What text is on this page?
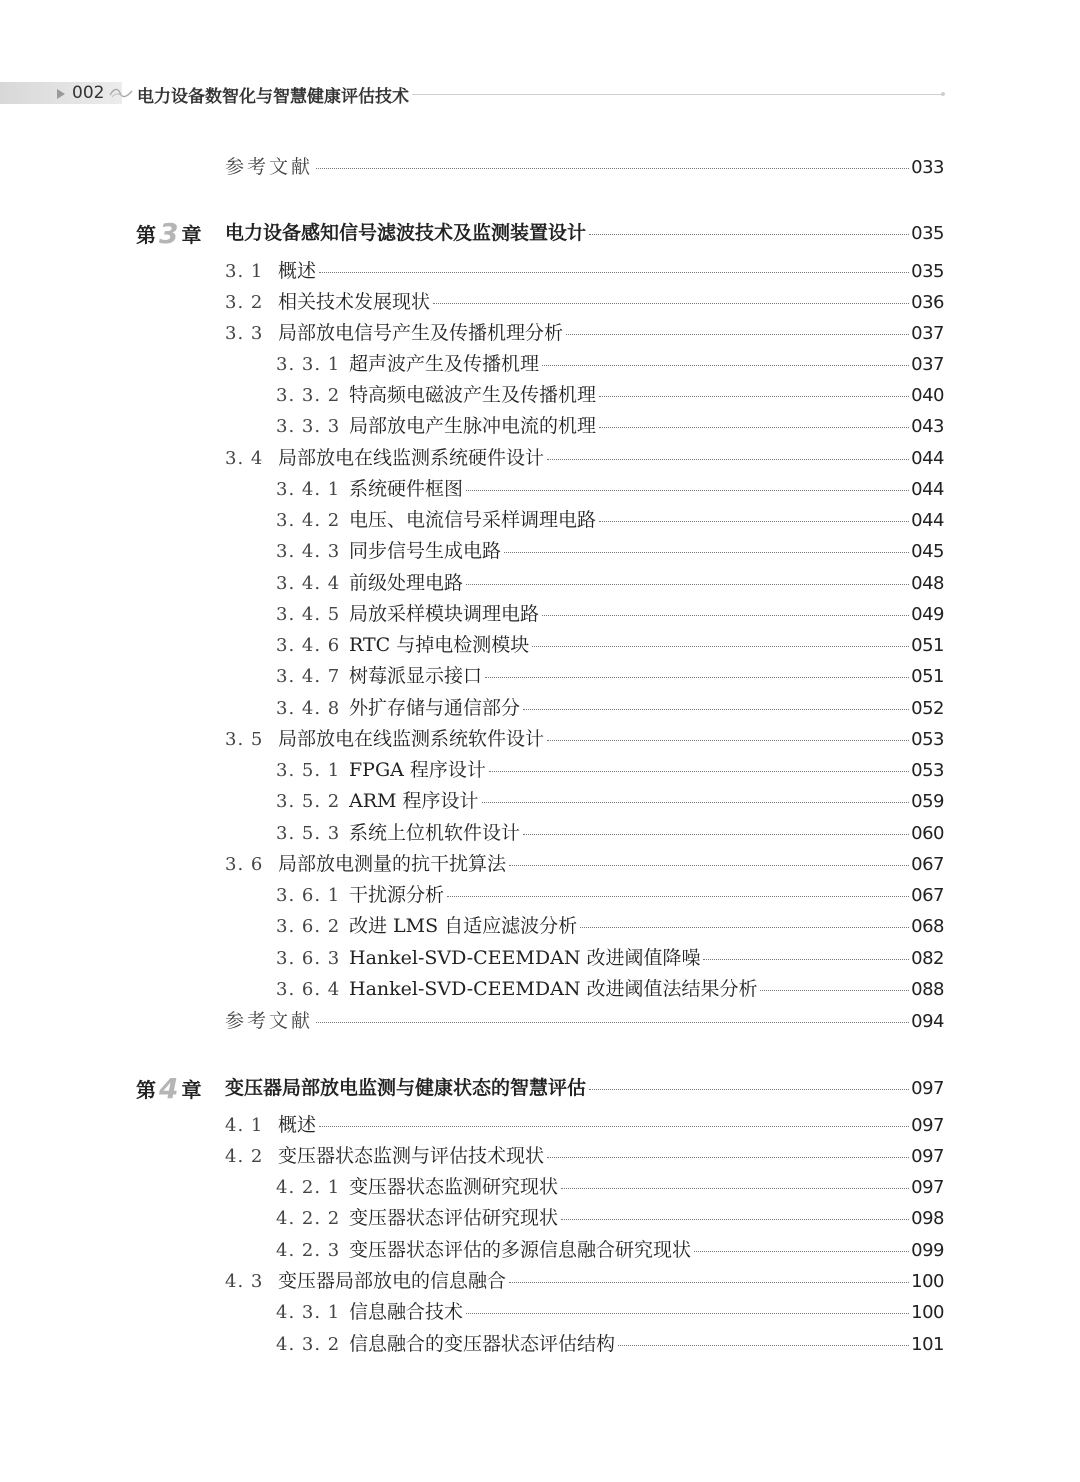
002 电力设备数智化与智慧健康评估技术
参考文献	033
第 3 章 电力设备感知信号滤波技术及监测装置设计	035
3. 1 概述	035
3. 2 相关技术发展现状	036
3. 3 局部放电信号产生及传播机理分析	037
3. 3. 1 超声波产生及传播机理	037
3. 3. 2 特高频电磁波产生及传播机理	040
3. 3. 3 局部放电产生脉冲电流的机理	043
3. 4 局部放电在线监测系统硬件设计	044
3. 4. 1 系统硬件框图	044
3. 4. 2 电压、电流信号采样调理电路	044
3. 4. 3 同步信号生成电路	045
3. 4. 4 前级处理电路	048
3. 4. 5 局放采样模块调理电路	049
3. 4. 6 RTC 与掉电检测模块	051
3. 4. 7 树莓派显示接口	051
3. 4. 8 外扩存储与通信部分	052
3. 5 局部放电在线监测系统软件设计	053
3. 5. 1 FPGA 程序设计	053
3. 5. 2 ARM 程序设计	059
3. 5. 3 系统上位机软件设计	060
3. 6 局部放电测量的抗干扰算法	067
3. 6. 1 干扰源分析	067
3. 6. 2 改进 LMS 自适应滤波分析	068
3. 6. 3 Hankel-SVD-CEEMDAN 改进阈值降噪	082
3. 6. 4 Hankel-SVD-CEEMDAN 改进阈值法结果分析	088
参考文献	094
第 4 章 变压器局部放电监测与健康状态的智慧评估	097
4. 1 概述	097
4. 2 变压器状态监测与评估技术现状	097
4. 2. 1 变压器状态监测研究现状	097
4. 2. 2 变压器状态评估研究现状	098
4. 2. 3 变压器状态评估的多源信息融合研究现状	099
4. 3 变压器局部放电的信息融合	100
4. 3. 1 信息融合技术	100
4. 3. 2 信息融合的变压器状态评估结构	101
